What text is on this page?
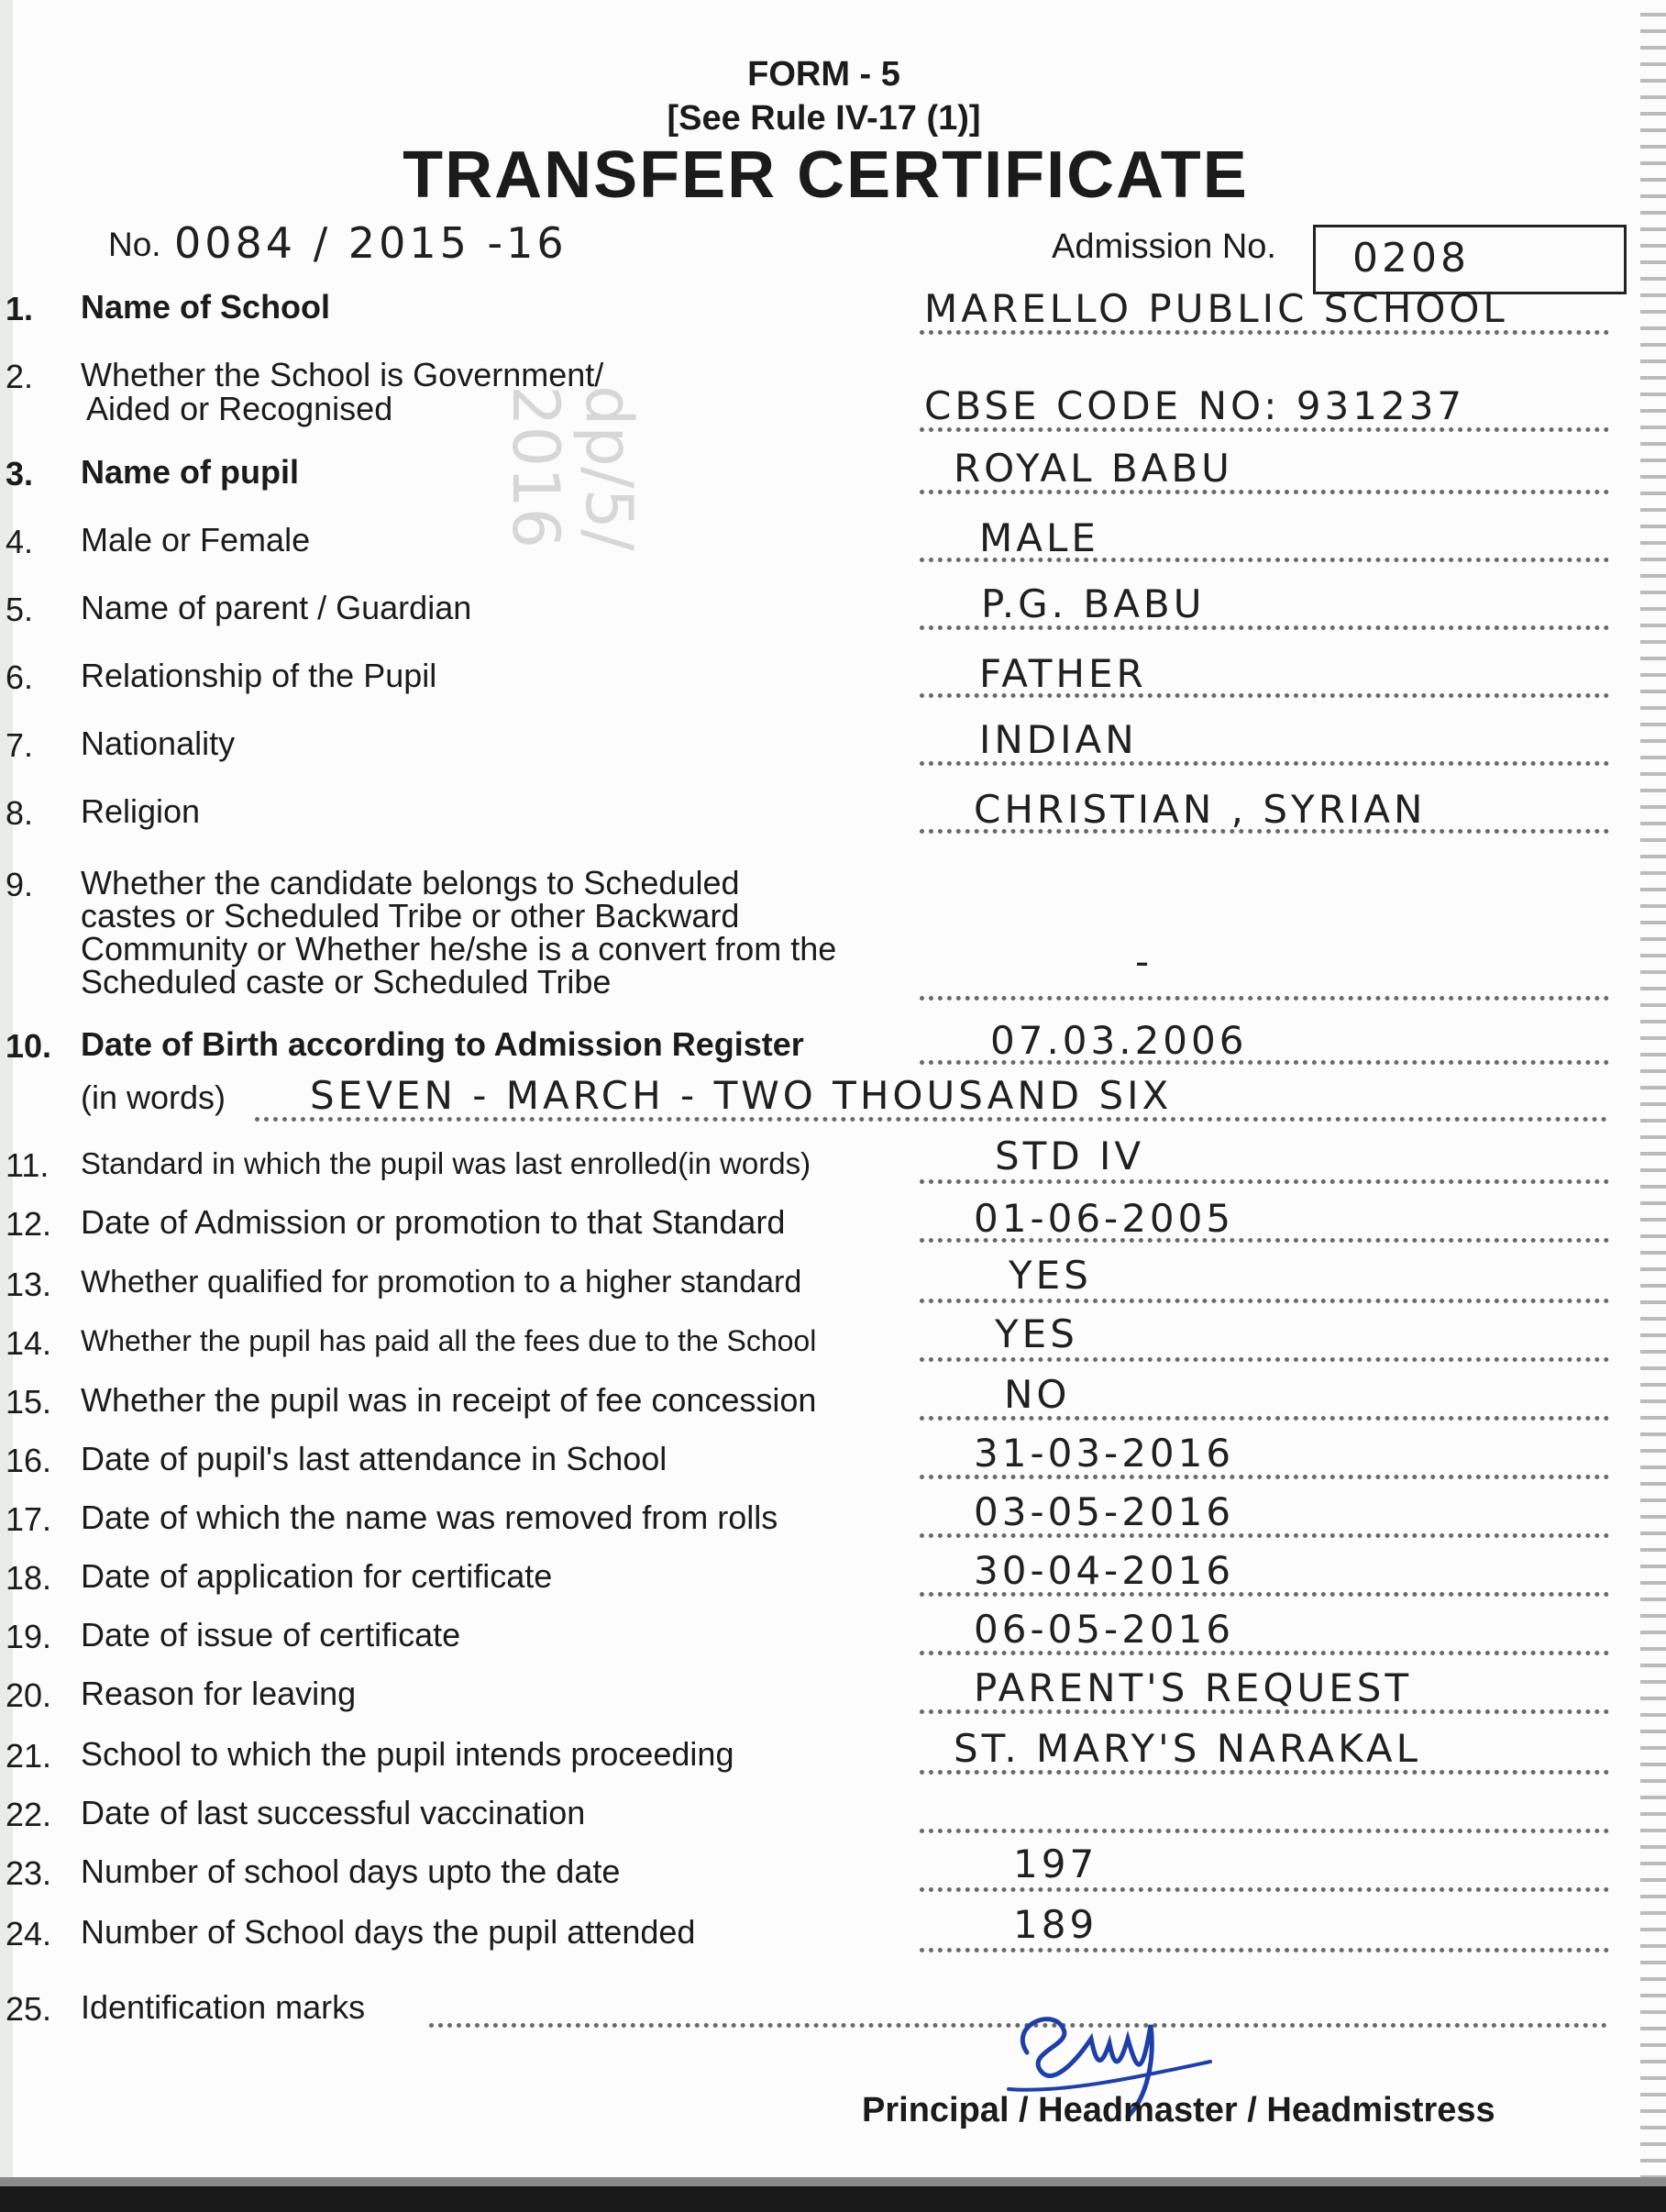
dp/5/
2016
FORM - 5
[See Rule IV-17 (1)]
TRANSFER CERTIFICATE
No. 0084 / 2015 -16	Admission No. 0208
1. Name of School	MARELLO PUBLIC SCHOOL
2. Whether the School is Government/
Aided or Recognised	CBSE CODE NO: 931237
3. Name of pupil	ROYAL BABU
4. Male or Female	MALE
5. Name of parent / Guardian	P.G. BABU
6. Relationship of the Pupil	FATHER
7. Nationality	INDIAN
8. Religion	CHRISTIAN , SYRIAN
9. Whether the candidate belongs to Scheduled
castes or Scheduled Tribe or other Backward
Community or Whether he/she is a convert from the
Scheduled caste or Scheduled Tribe	-
10. Date of Birth according to Admission Register	07.03.2006
(in words) SEVEN - MARCH - TWO THOUSAND SIX
11. Standard in which the pupil was last enrolled(in words)	STD IV
12. Date of Admission or promotion to that Standard	01-06-2005
13. Whether qualified for promotion to a higher standard	YES
14. Whether the pupil has paid all the fees due to the School	YES
15. Whether the pupil was in receipt of fee concession	NO
16. Date of pupil's last attendance in School	31-03-2016
17. Date of which the name was removed from rolls	03-05-2016
18. Date of application for certificate	30-04-2016
19. Date of issue of certificate	06-05-2016
20. Reason for leaving	PARENT'S REQUEST
21. School to which the pupil intends proceeding	ST. MARY'S NARAKAL
22. Date of last successful vaccination
23. Number of school days upto the date	197
24. Number of School days the pupil attended	189
25. Identification marks
Principal / Headmaster / Headmistress
